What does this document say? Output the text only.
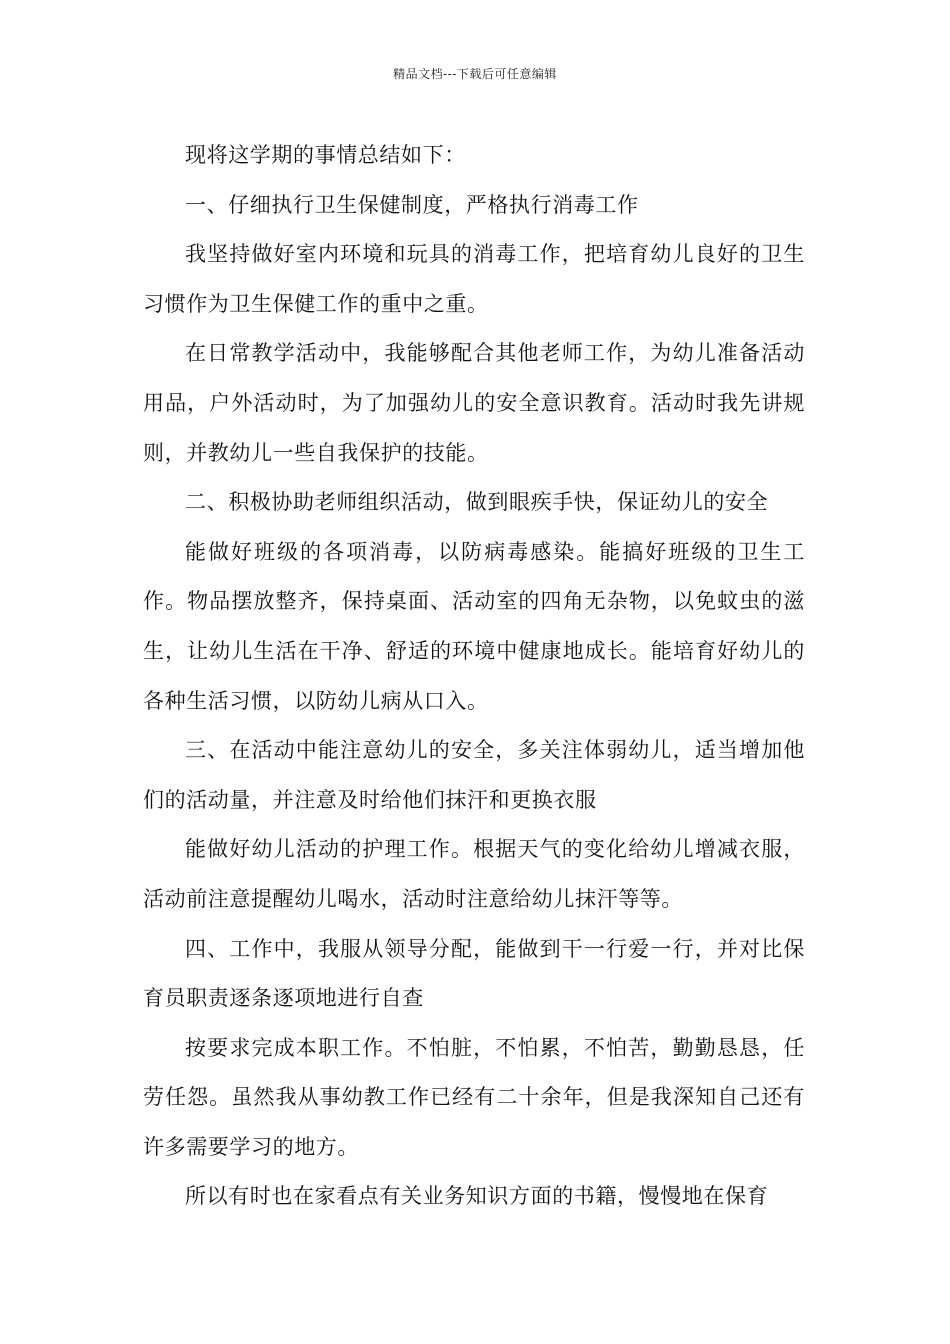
精品文档---下载后可任意编辑

现将这学期的事情总结如下：

一、仔细执行卫生保健制度，严格执行消毒工作

我坚持做好室内环境和玩具的消毒工作，把培育幼儿良好的卫生习惯作为卫生保健工作的重中之重。

在日常教学活动中，我能够配合其他老师工作，为幼儿准备活动用品，户外活动时，为了加强幼儿的安全意识教育。活动时我先讲规则，并教幼儿一些自我保护的技能。

二、积极协助老师组织活动，做到眼疾手快，保证幼儿的安全

能做好班级的各项消毒，以防病毒感染。能搞好班级的卫生工作。物品摆放整齐，保持桌面、活动室的四角无杂物，以免蚊虫的滋生，让幼儿生活在干净、舒适的环境中健康地成长。能培育好幼儿的各种生活习惯，以防幼儿病从口入。

三、在活动中能注意幼儿的安全，多关注体弱幼儿，适当增加他们的活动量，并注意及时给他们抹汗和更换衣服

能做好幼儿活动的护理工作。根据天气的变化给幼儿增减衣服，活动前注意提醒幼儿喝水，活动时注意给幼儿抹汗等等。

四、工作中，我服从领导分配，能做到干一行爱一行，并对比保育员职责逐条逐项地进行自查

按要求完成本职工作。不怕脏，不怕累，不怕苦，勤勤恳恳，任劳任怨。虽然我从事幼教工作已经有二十余年，但是我深知自己还有许多需要学习的地方。

所以有时也在家看点有关业务知识方面的书籍，慢慢地在保育
